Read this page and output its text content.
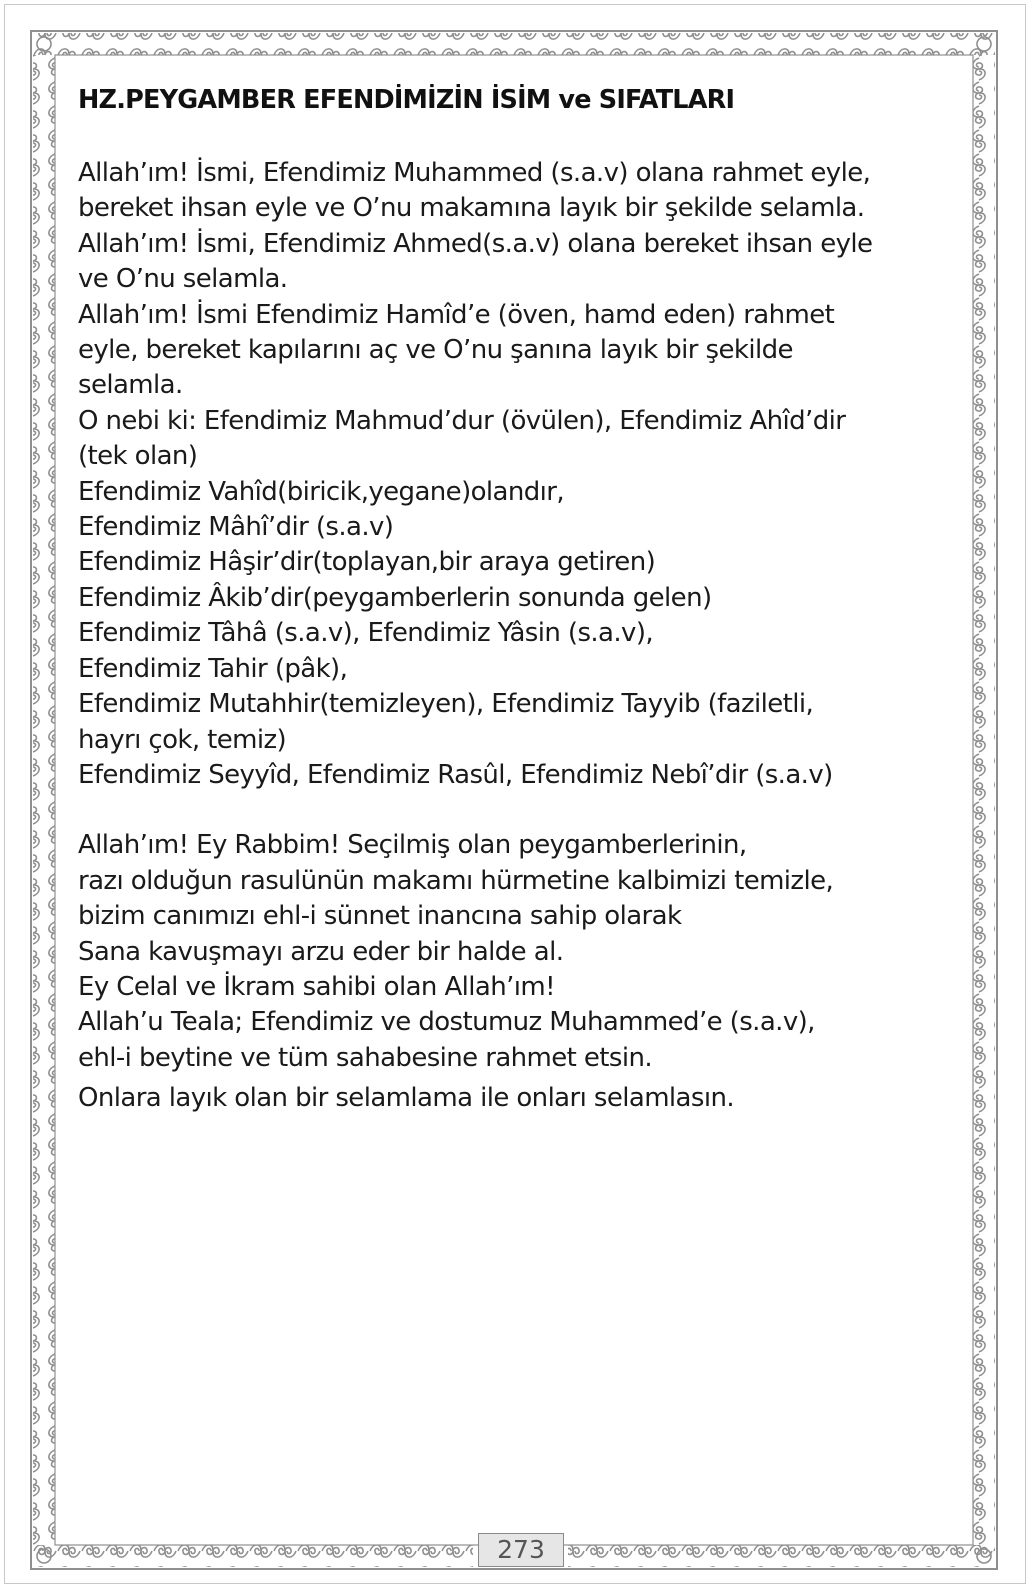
HZ.PEYGAMBER EFENDİMİZİN İSİM ve SIFATLARI

Allah’ım! İsmi, Efendimiz Muhammed (s.a.v) olana rahmet eyle,

bereket ihsan eyle ve O’nu makamına layık bir şekilde selamla.

Allah’ım! İsmi, Efendimiz Ahmed(s.a.v) olana bereket ihsan eyle

ve O’nu selamla.

Allah’ım! İsmi Efendimiz Hamîd’e (öven, hamd eden) rahmet

eyle, bereket kapılarını aç ve O’nu şanına layık bir şekilde

selamla.

O nebi ki: Efendimiz Mahmud’dur (övülen), Efendimiz Ahîd’dir

(tek olan)

Efendimiz Vahîd(biricik,yegane)olandır,

Efendimiz Mâhî’dir (s.a.v)

Efendimiz Hâşir’dir(toplayan,bir araya getiren)

Efendimiz Âkib’dir(peygamberlerin sonunda gelen)

Efendimiz Tâhâ (s.a.v), Efendimiz Yâsin (s.a.v),

Efendimiz Tahir (pâk),

Efendimiz Mutahhir(temizleyen), Efendimiz Tayyib (faziletli,

hayrı çok, temiz)

Efendimiz Seyyîd, Efendimiz Rasûl, Efendimiz Nebî’dir (s.a.v)

Allah’ım! Ey Rabbim! Seçilmiş olan peygamberlerinin,

razı olduğun rasulünün makamı hürmetine kalbimizi temizle,

bizim canımızı ehl-i sünnet inancına sahip olarak

Sana kavuşmayı arzu eder bir halde al.

Ey Celal ve İkram sahibi olan Allah’ım!

Allah’u Teala; Efendimiz ve dostumuz Muhammed’e (s.a.v),

ehl-i beytine ve tüm sahabesine rahmet etsin.

Onlara layık olan bir selamlama ile onları selamlasın.

273
